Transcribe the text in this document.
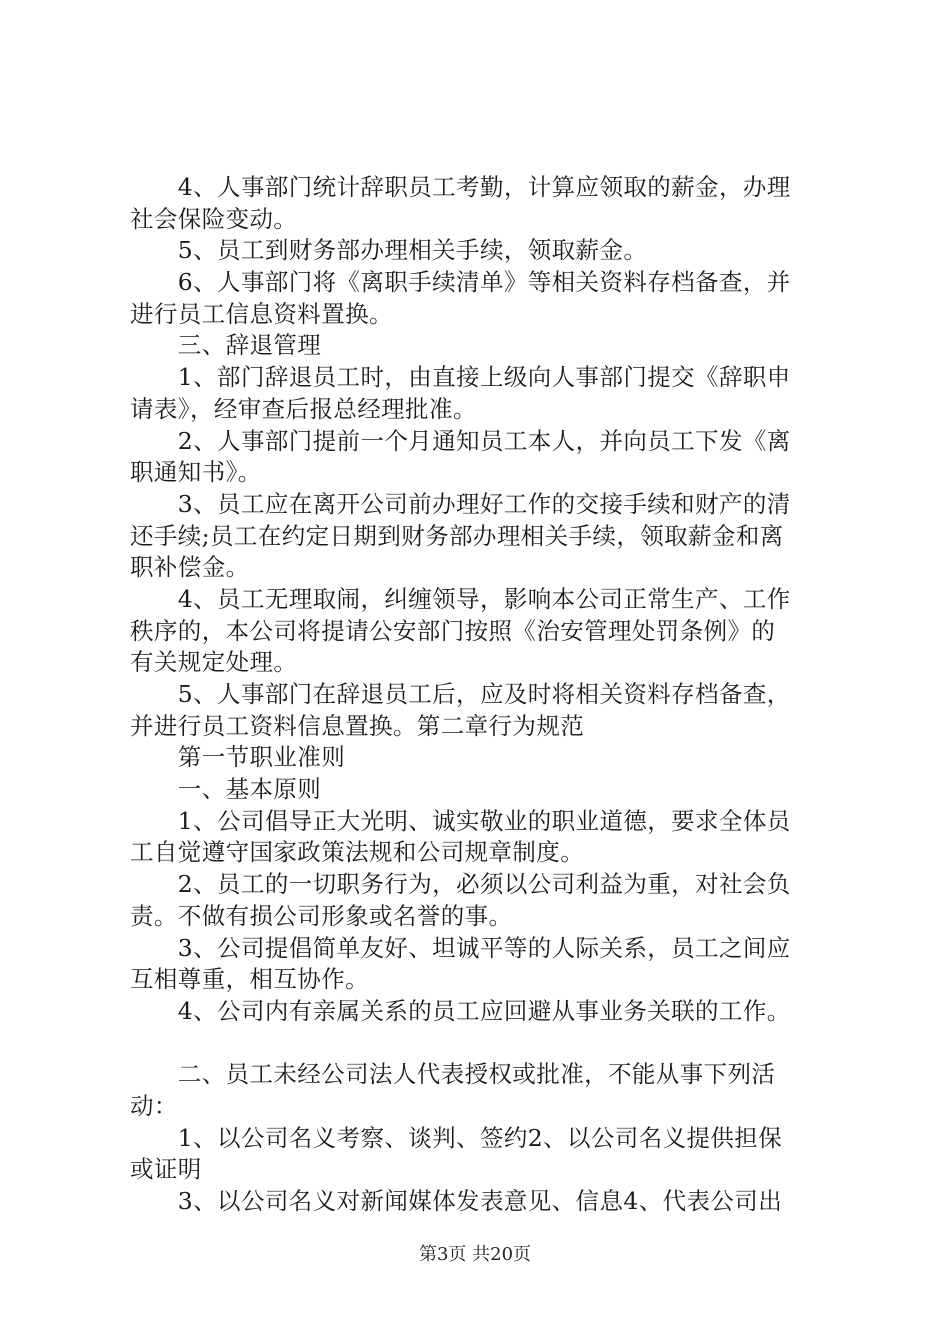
　　4、人事部门统计辞职员工考勤，计算应领取的薪金，办理
社会保险变动。
　　5、员工到财务部办理相关手续，领取薪金。
　　6、人事部门将《离职手续清单》等相关资料存档备查，并
进行员工信息资料置换。
　　三、辞退管理
　　1、部门辞退员工时，由直接上级向人事部门提交《辞职申
请表》，经审查后报总经理批准。
　　2、人事部门提前一个月通知员工本人，并向员工下发《离
职通知书》。
　　3、员工应在离开公司前办理好工作的交接手续和财产的清
还手续;员工在约定日期到财务部办理相关手续，领取薪金和离
职补偿金。
　　4、员工无理取闹，纠缠领导，影响本公司正常生产、工作
秩序的，本公司将提请公安部门按照《治安管理处罚条例》的
有关规定处理。
　　5、人事部门在辞退员工后，应及时将相关资料存档备查，
并进行员工资料信息置换。第二章行为规范
　　第一节职业准则
　　一、基本原则
　　1、公司倡导正大光明、诚实敬业的职业道德，要求全体员
工自觉遵守国家政策法规和公司规章制度。
　　2、员工的一切职务行为，必须以公司利益为重，对社会负
责。不做有损公司形象或名誉的事。
　　3、公司提倡简单友好、坦诚平等的人际关系，员工之间应
互相尊重，相互协作。
　　4、公司内有亲属关系的员工应回避从事业务关联的工作。
　　二、员工未经公司法人代表授权或批准，不能从事下列活
动：
　　1、以公司名义考察、谈判、签约2、以公司名义提供担保
或证明
　　3、以公司名义对新闻媒体发表意见、信息4、代表公司出
第3页 共20页
